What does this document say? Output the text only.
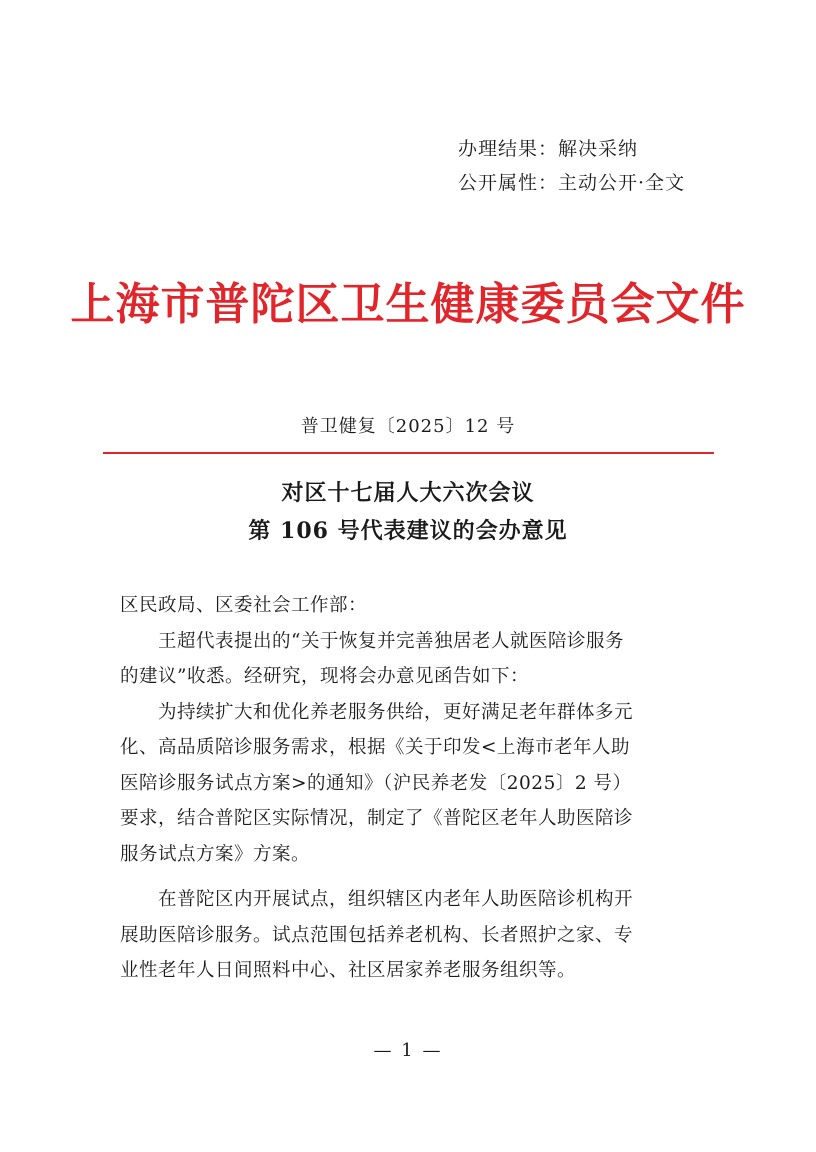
办理结果：解决采纳
公开属性：主动公开·全文
上海市普陀区卫生健康委员会文件
普卫健复〔2025〕12 号
对区十七届人大六次会议
第 106 号代表建议的会办意见
区民政局、区委社会工作部：
王超代表提出的“关于恢复并完善独居老人就医陪诊服务
的建议”收悉。经研究，现将会办意见函告如下：
为持续扩大和优化养老服务供给，更好满足老年群体多元
化、高品质陪诊服务需求，根据《关于印发<上海市老年人助
医陪诊服务试点方案>的通知》（沪民养老发〔2025〕2 号）
要求，结合普陀区实际情况，制定了《普陀区老年人助医陪诊
服务试点方案》方案。
在普陀区内开展试点，组织辖区内老年人助医陪诊机构开
展助医陪诊服务。试点范围包括养老机构、长者照护之家、专
业性老年人日间照料中心、社区居家养老服务组织等。
— 1 —
